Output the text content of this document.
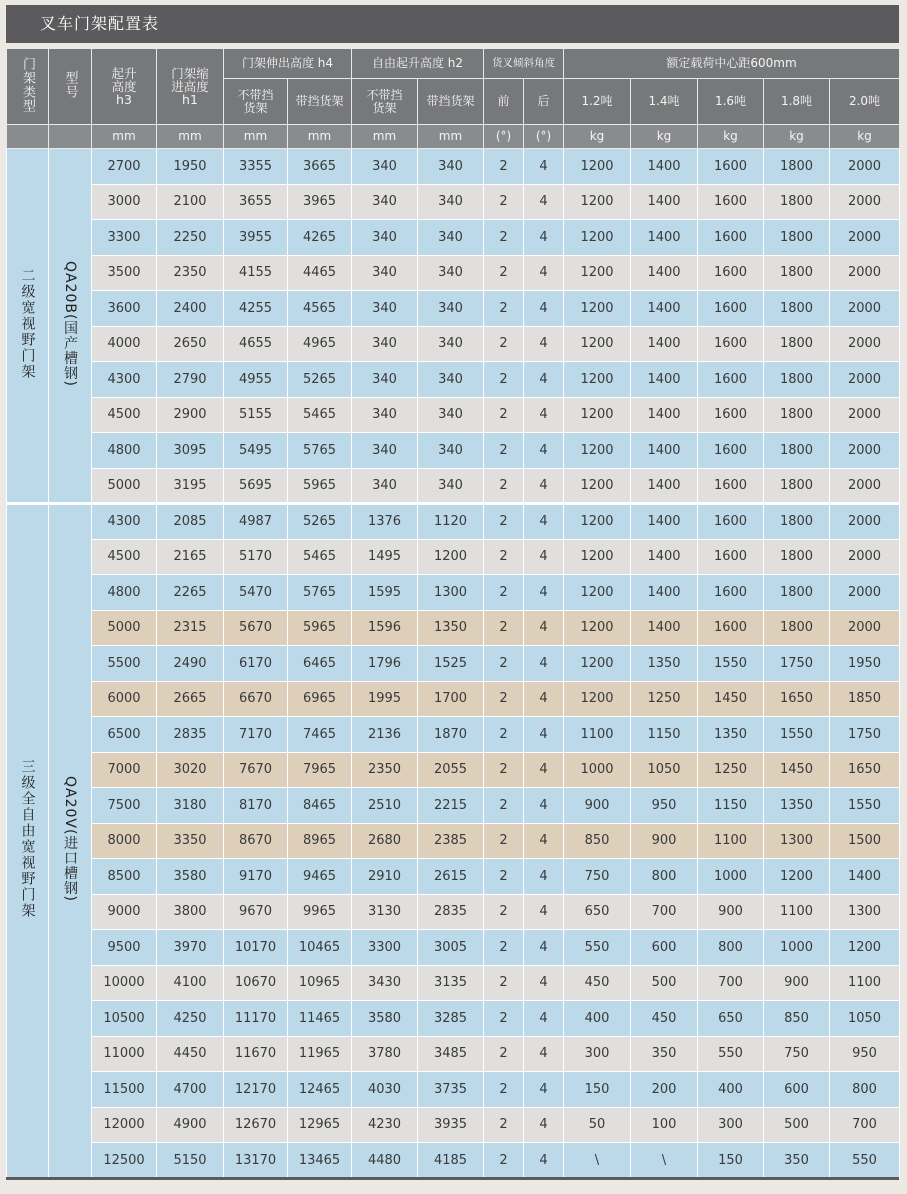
叉车门架配置表
门架类型	型号	起升高度h3	门架缩进高度h1	门架伸出高度 h4		自由起升高度 h2		货叉倾斜角度		额定载荷中心距600mm				

				不带挡货架	带挡货架	不带挡货架	带挡货架	前	后	1.2吨	1.4吨	1.6吨	1.8吨	2.0吨
		mm	mm	mm	mm	mm	mm	(°)	(°)	kg	kg	kg	kg	kg
二级宽视野门架	QA20B(国产槽钢)	2700	1950	3355	3665	340	340	2	4	1200	1400	1600	1800	2000
		3000	2100	3655	3965	340	340	2	4	1200	1400	1600	1800	2000
		3300	2250	3955	4265	340	340	2	4	1200	1400	1600	1800	2000
		3500	2350	4155	4465	340	340	2	4	1200	1400	1600	1800	2000
		3600	2400	4255	4565	340	340	2	4	1200	1400	1600	1800	2000
		4000	2650	4655	4965	340	340	2	4	1200	1400	1600	1800	2000
		4300	2790	4955	5265	340	340	2	4	1200	1400	1600	1800	2000
		4500	2900	5155	5465	340	340	2	4	1200	1400	1600	1800	2000
		4800	3095	5495	5765	340	340	2	4	1200	1400	1600	1800	2000
		5000	3195	5695	5965	340	340	2	4	1200	1400	1600	1800	2000
三级全自由宽视野门架	QA20V(进口槽钢)	4300	2085	4987	5265	1376	1120	2	4	1200	1400	1600	1800	2000
		4500	2165	5170	5465	1495	1200	2	4	1200	1400	1600	1800	2000
		4800	2265	5470	5765	1595	1300	2	4	1200	1400	1600	1800	2000
		5000	2315	5670	5965	1596	1350	2	4	1200	1400	1600	1800	2000
		5500	2490	6170	6465	1796	1525	2	4	1200	1350	1550	1750	1950
		6000	2665	6670	6965	1995	1700	2	4	1200	1250	1450	1650	1850
		6500	2835	7170	7465	2136	1870	2	4	1100	1150	1350	1550	1750
		7000	3020	7670	7965	2350	2055	2	4	1000	1050	1250	1450	1650
		7500	3180	8170	8465	2510	2215	2	4	900	950	1150	1350	1550
		8000	3350	8670	8965	2680	2385	2	4	850	900	1100	1300	1500
		8500	3580	9170	9465	2910	2615	2	4	750	800	1000	1200	1400
		9000	3800	9670	9965	3130	2835	2	4	650	700	900	1100	1300
		9500	3970	10170	10465	3300	3005	2	4	550	600	800	1000	1200
		10000	4100	10670	10965	3430	3135	2	4	450	500	700	900	1100
		10500	4250	11170	11465	3580	3285	2	4	400	450	650	850	1050
		11000	4450	11670	11965	3780	3485	2	4	300	350	550	750	950
		11500	4700	12170	12465	4030	3735	2	4	150	200	400	600	800
		12000	4900	12670	12965	4230	3935	2	4	50	100	300	500	700
		12500	5150	13170	13465	4480	4185	2	4	\	\	150	350	550
